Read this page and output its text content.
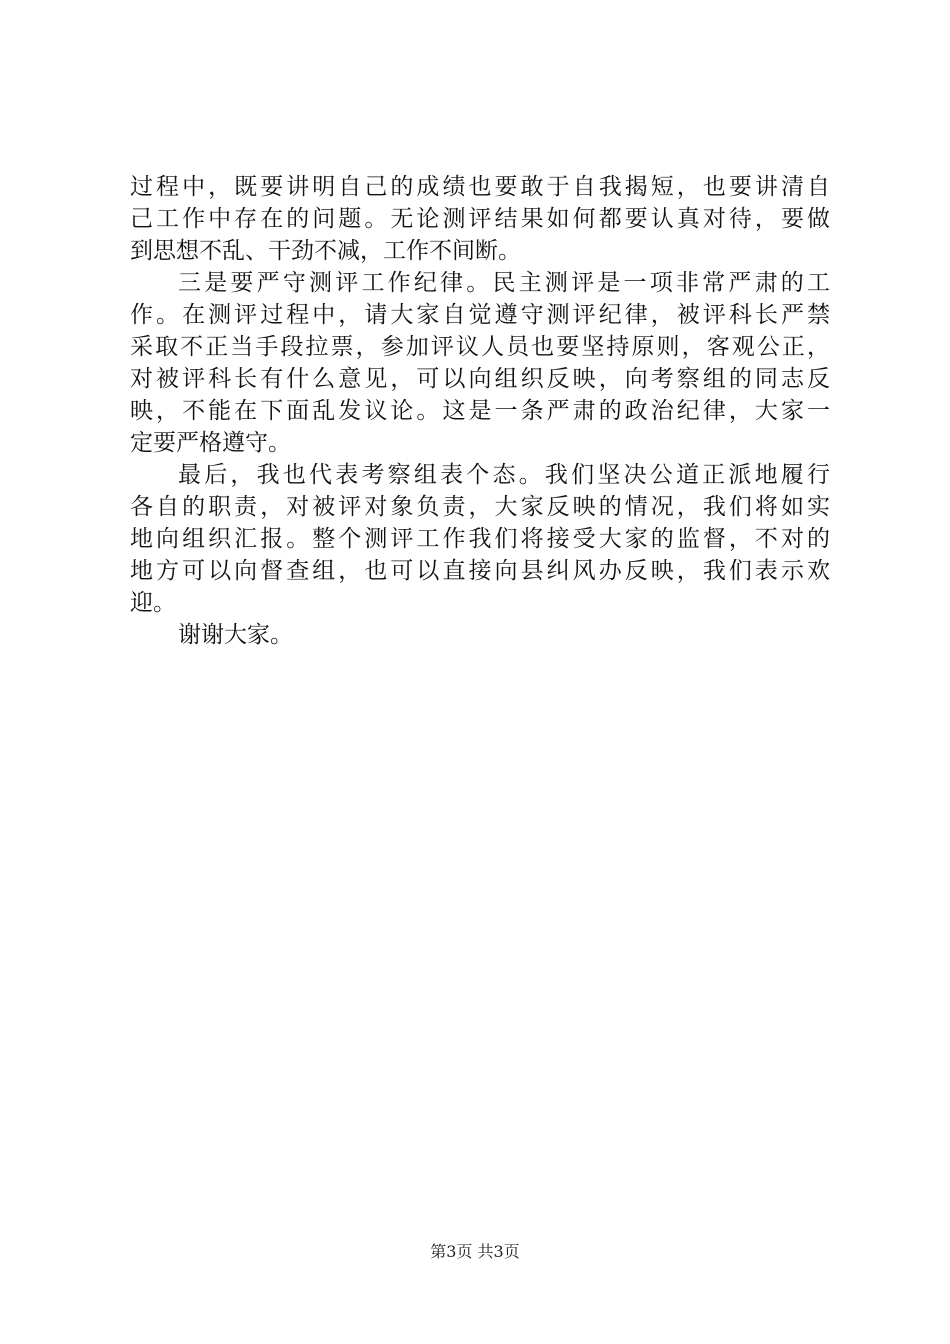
过程中，既要讲明自己的成绩也要敢于自我揭短，也要讲清自
己工作中存在的问题。无论测评结果如何都要认真对待，要做
到思想不乱、干劲不减，工作不间断。
三是要严守测评工作纪律。民主测评是一项非常严肃的工
作。在测评过程中，请大家自觉遵守测评纪律，被评科长严禁
采取不正当手段拉票，参加评议人员也要坚持原则，客观公正，
对被评科长有什么意见，可以向组织反映，向考察组的同志反
映，不能在下面乱发议论。这是一条严肃的政治纪律，大家一
定要严格遵守。
最后，我也代表考察组表个态。我们坚决公道正派地履行
各自的职责，对被评对象负责，大家反映的情况，我们将如实
地向组织汇报。整个测评工作我们将接受大家的监督，不对的
地方可以向督查组，也可以直接向县纠风办反映，我们表示欢
迎。
谢谢大家。
第3页 共3页
